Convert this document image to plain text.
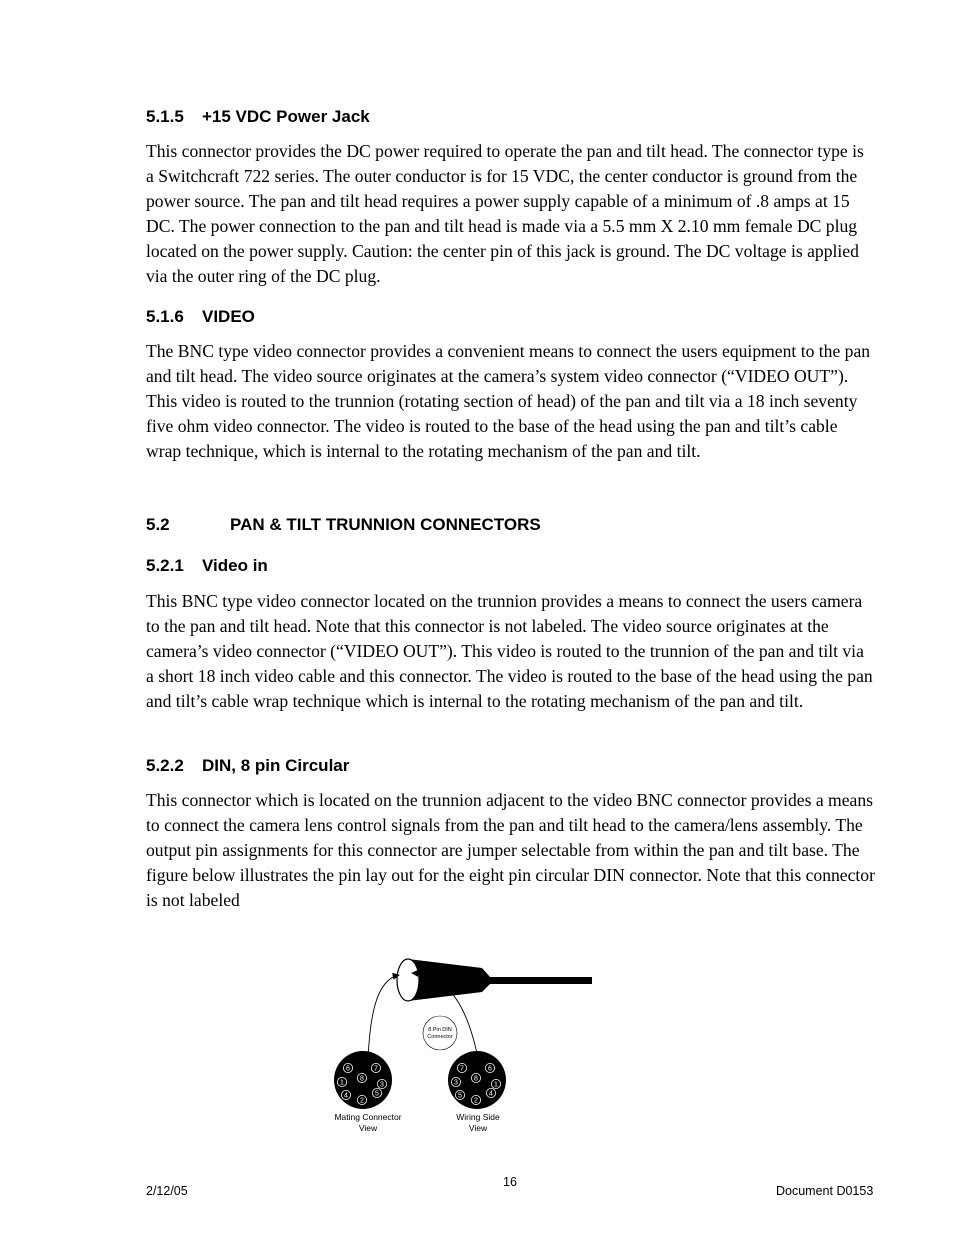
5.1.5 +15 VDC Power Jack

This connector provides the DC power required to operate the pan and tilt head. The connector type is a Switchcraft 722 series. The outer conductor is for 15 VDC, the center conductor is ground from the power source. The pan and tilt head requires a power supply capable of a minimum of .8 amps at 15 DC. The power connection to the pan and tilt head is made via a 5.5 mm X 2.10 mm female DC plug located on the power supply. Caution: the center pin of this jack is ground. The DC voltage is applied via the outer ring of the DC plug.

5.1.6 VIDEO

The BNC type video connector provides a convenient means to connect the users equipment to the pan and tilt head. The video source originates at the camera’s system video connector (“VIDEO OUT”). This video is routed to the trunnion (rotating section of head) of the pan and tilt via a 18 inch seventy five ohm video connector. The video is routed to the base of the head using the pan and tilt’s cable wrap technique, which is internal to the rotating mechanism of the pan and tilt.

5.2	PAN & TILT TRUNNION CONNECTORS
5.2.1 Video in

This BNC type video connector located on the trunnion provides a means to connect the users camera to the pan and tilt head. Note that this connector is not labeled. The video source originates at the camera’s video connector (“VIDEO OUT”). This video is routed to the trunnion of the pan and tilt via a short 18 inch video cable and this connector. The video is routed to the base of the head using the pan and tilt’s cable wrap technique which is internal to the rotating mechanism of the pan and tilt.

5.2.2 DIN, 8 pin Circular

This connector which is located on the trunnion adjacent to the video BNC connector provides a means to connect the camera lens control signals from the pan and tilt head to the camera/lens assembly. The output pin assignments for this connector are jumper selectable from within the pan and tilt base. The figure below illustrates the pin lay out for the eight pin circular DIN connector. Note that this connector is not labeled

8 Pin DIN
Connector
6	7
1
8
3
4	5
2
7	6
3
8
1
5	4
2
Mating Connector
View
Wiring Side
View
2/12/05
16
Document D0153
